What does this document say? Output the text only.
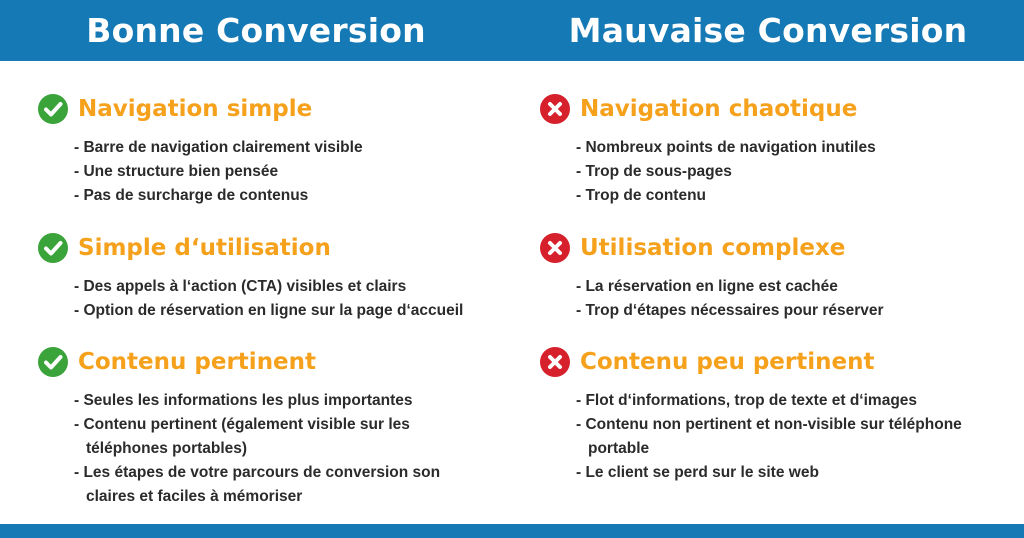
Bonne Conversion	Mauvaise Conversion
Navigation simple
- Barre de navigation clairement visible
- Une structure bien pensée
- Pas de surcharge de contenus
Simple d‘utilisation
- Des appels à l‘action (CTA) visibles et clairs
- Option de réservation en ligne sur la page d‘accueil
Contenu pertinent
- Seules les informations les plus importantes
- Contenu pertinent (également visible sur les téléphones portables)
- Les étapes de votre parcours de conversion son claires et faciles à mémoriser
Navigation chaotique
- Nombreux points de navigation inutiles
- Trop de sous-pages
- Trop de contenu
Utilisation complexe
- La réservation en ligne est cachée
- Trop d‘étapes nécessaires pour réserver
Contenu peu pertinent
- Flot d‘informations, trop de texte et d‘images
- Contenu non pertinent et non-visible sur téléphone portable
- Le client se perd sur le site web
